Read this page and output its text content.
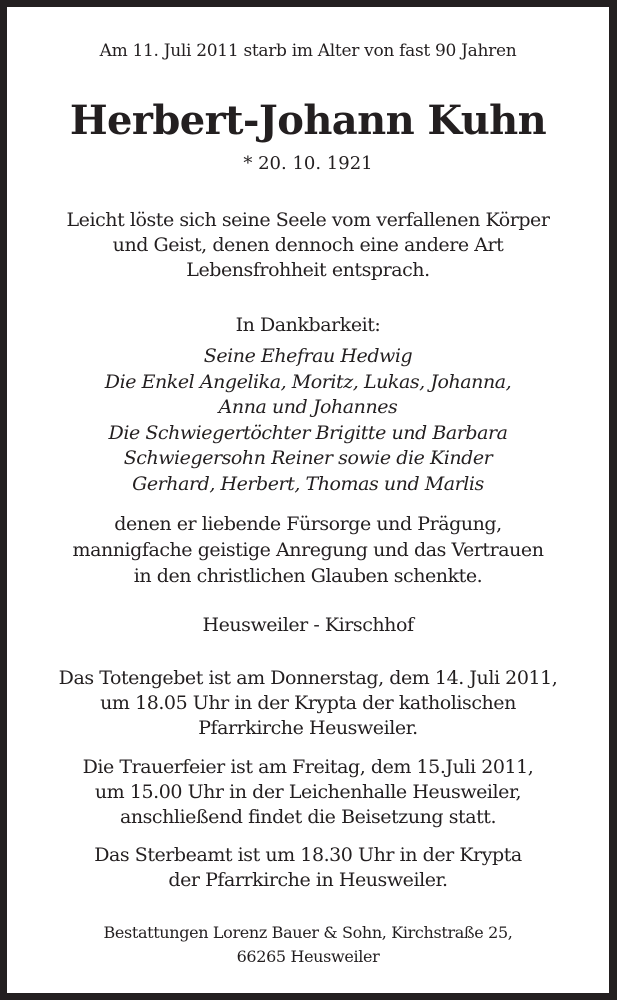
Am 11. Juli 2011 starb im Alter von fast 90 Jahren
Herbert-Johann Kuhn
* 20. 10. 1921
Leicht löste sich seine Seele vom verfallenen Körper
und Geist, denen dennoch eine andere Art
Lebensfrohheit entsprach.
In Dankbarkeit:
Seine Ehefrau Hedwig
Die Enkel Angelika, Moritz, Lukas, Johanna,
Anna und Johannes
Die Schwiegertöchter Brigitte und Barbara
Schwiegersohn Reiner sowie die Kinder
Gerhard, Herbert, Thomas und Marlis
denen er liebende Fürsorge und Prägung,
mannigfache geistige Anregung und das Vertrauen
in den christlichen Glauben schenkte.
Heusweiler - Kirschhof
Das Totengebet ist am Donnerstag, dem 14. Juli 2011,
um 18.05 Uhr in der Krypta der katholischen
Pfarrkirche Heusweiler.
Die Trauerfeier ist am Freitag, dem 15.Juli 2011,
um 15.00 Uhr in der Leichenhalle Heusweiler,
anschließend findet die Beisetzung statt.
Das Sterbeamt ist um 18.30 Uhr in der Krypta
der Pfarrkirche in Heusweiler.
Bestattungen Lorenz Bauer & Sohn, Kirchstraße 25,
66265 Heusweiler
